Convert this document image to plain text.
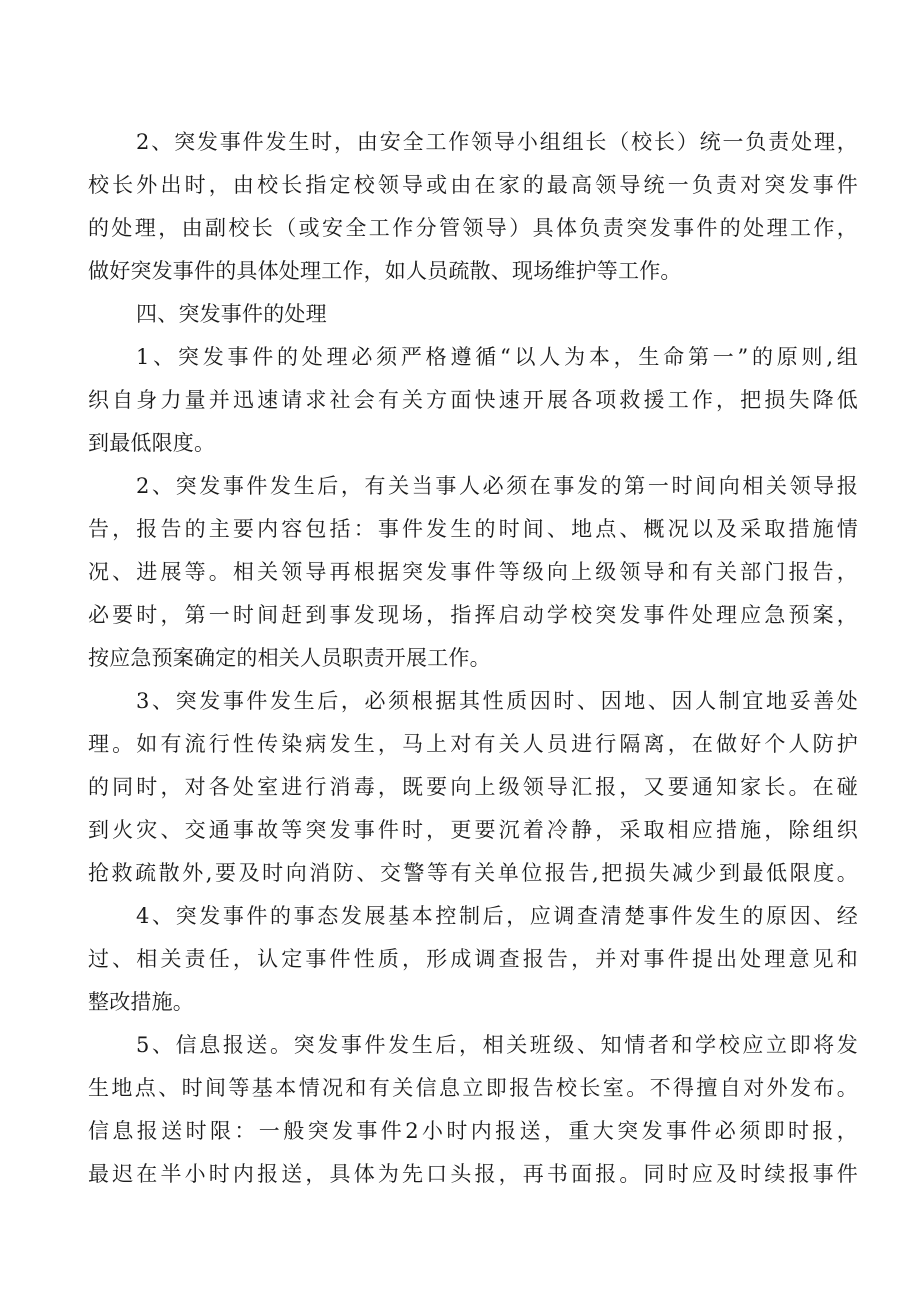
2、突发事件发生时，由安全工作领导小组组长（校长）统一负责处理，
校长外出时，由校长指定校领导或由在家的最高领导统一负责对突发事件
的处理，由副校长（或安全工作分管领导）具体负责突发事件的处理工作，
做好突发事件的具体处理工作，如人员疏散、现场维护等工作。
四、突发事件的处理
1、突发事件的处理必须严格遵循“以人为本，生命第一”的原则,组
织自身力量并迅速请求社会有关方面快速开展各项救援工作，把损失降低
到最低限度。
2、突发事件发生后，有关当事人必须在事发的第一时间向相关领导报
告，报告的主要内容包括：事件发生的时间、地点、概况以及采取措施情
况、进展等。相关领导再根据突发事件等级向上级领导和有关部门报告，
必要时，第一时间赶到事发现场，指挥启动学校突发事件处理应急预案，
按应急预案确定的相关人员职责开展工作。
3、突发事件发生后，必须根据其性质因时、因地、因人制宜地妥善处
理。如有流行性传染病发生，马上对有关人员进行隔离，在做好个人防护
的同时，对各处室进行消毒，既要向上级领导汇报，又要通知家长。在碰
到火灾、交通事故等突发事件时，更要沉着冷静，采取相应措施，除组织
抢救疏散外,要及时向消防、交警等有关单位报告,把损失减少到最低限度。
4、突发事件的事态发展基本控制后，应调查清楚事件发生的原因、经
过、相关责任，认定事件性质，形成调查报告，并对事件提出处理意见和
整改措施。
5、信息报送。突发事件发生后，相关班级、知情者和学校应立即将发
生地点、时间等基本情况和有关信息立即报告校长室。不得擅自对外发布。
信息报送时限：一般突发事件2小时内报送，重大突发事件必须即时报，
最迟在半小时内报送，具体为先口头报，再书面报。同时应及时续报事件
